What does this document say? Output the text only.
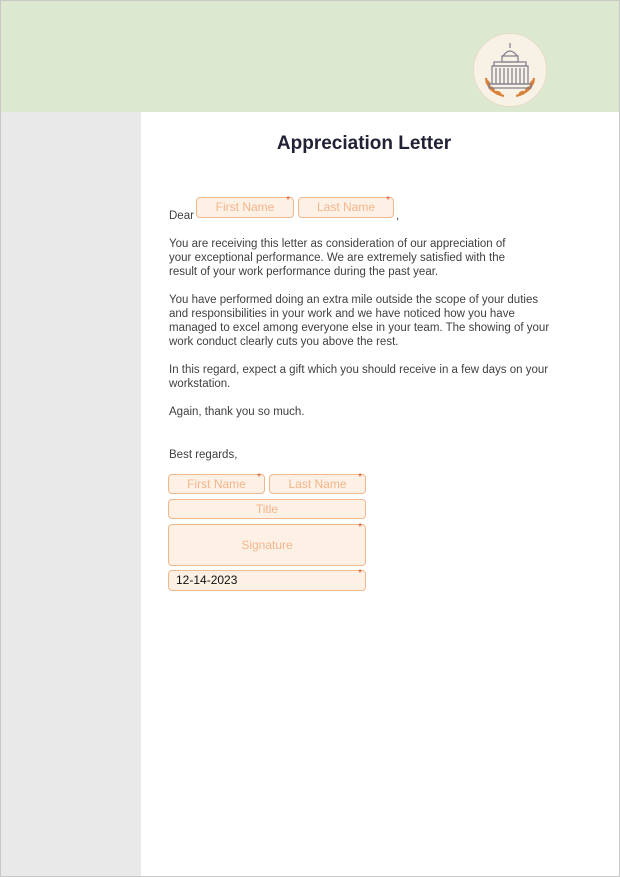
Appreciation Letter
Dear
First Name *	Last Name *
,

You are receiving this letter as consideration of our appreciation of
your exceptional performance. We are extremely satisfied with the
result of your work performance during the past year.

You have performed doing an extra mile outside the scope of your duties
and responsibilities in your work and we have noticed how you have
managed to excel among everyone else in your team. The showing of your
work conduct clearly cuts you above the rest.

In this regard, expect a gift which you should receive in a few days on your
workstation.

Again, thank you so much.

Best regards,
First Name *	Last Name *
Title
Signature
*
12-14-2023	*
